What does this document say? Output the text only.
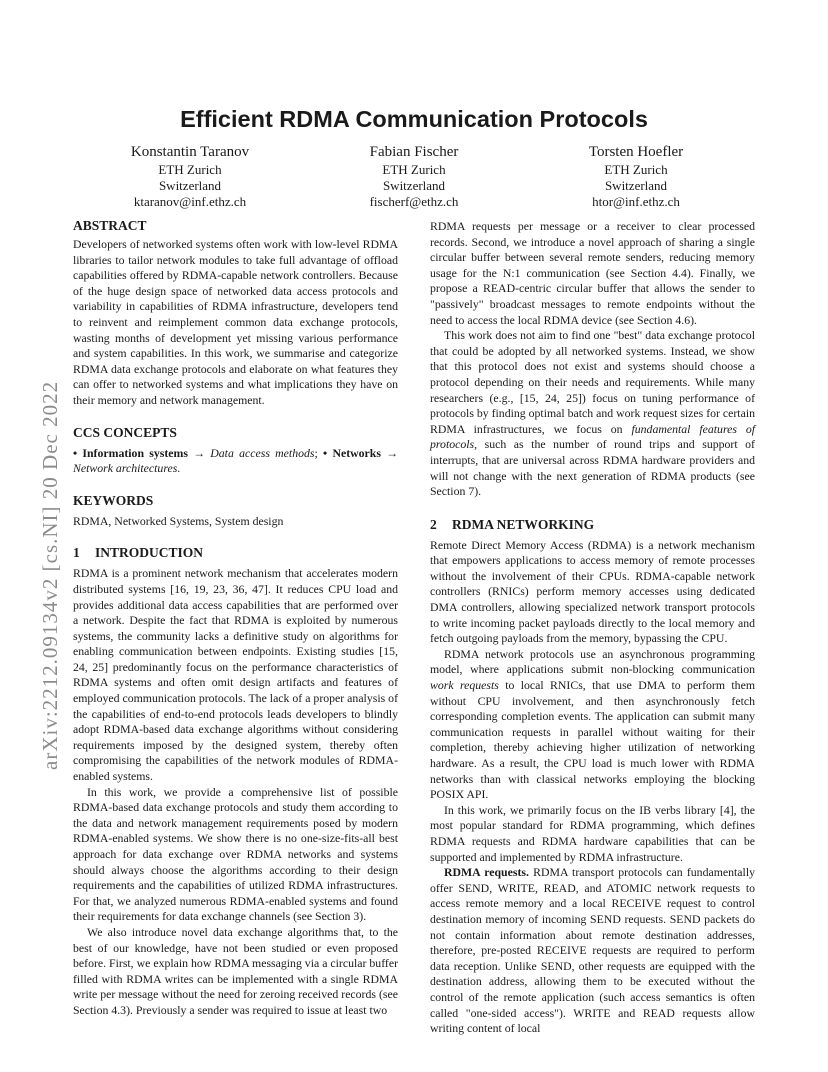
arXiv:2212.09134v2 [cs.NI] 20 Dec 2022
Efficient RDMA Communication Protocols
Konstantin Taranov
ETH Zurich
Switzerland
ktaranov@inf.ethz.ch
Fabian Fischer
ETH Zurich
Switzerland
fischerf@ethz.ch
Torsten Hoefler
ETH Zurich
Switzerland
htor@inf.ethz.ch
ABSTRACT

Developers of networked systems often work with low-level RDMA libraries to tailor network modules to take full advantage of offload capabilities offered by RDMA-capable network controllers. Because of the huge design space of networked data access protocols and variability in capabilities of RDMA infrastructure, developers tend to reinvent and reimplement common data exchange protocols, wasting months of development yet missing various performance and system capabilities. In this work, we summarise and categorize RDMA data exchange protocols and elaborate on what features they can offer to networked systems and what implications they have on their memory and network management.

CCS CONCEPTS

• Information systems → Data access methods; • Networks → Network architectures.

KEYWORDS

RDMA, Networked Systems, System design

1 INTRODUCTION

RDMA is a prominent network mechanism that accelerates modern distributed systems [16, 19, 23, 36, 47]. It reduces CPU load and provides additional data access capabilities that are performed over a network. Despite the fact that RDMA is exploited by numerous systems, the community lacks a definitive study on algorithms for enabling communication between endpoints. Existing studies [15, 24, 25] predominantly focus on the performance characteristics of RDMA systems and often omit design artifacts and features of employed communication protocols. The lack of a proper analysis of the capabilities of end-to-end protocols leads developers to blindly adopt RDMA-based data exchange algorithms without considering requirements imposed by the designed system, thereby often compromising the capabilities of the network modules of RDMA-enabled systems.

In this work, we provide a comprehensive list of possible RDMA-based data exchange protocols and study them according to the data and network management requirements posed by modern RDMA-enabled systems. We show there is no one-size-fits-all best approach for data exchange over RDMA networks and systems should always choose the algorithms according to their design requirements and the capabilities of utilized RDMA infrastructures. For that, we analyzed numerous RDMA-enabled systems and found their requirements for data exchange channels (see Section 3).

We also introduce novel data exchange algorithms that, to the best of our knowledge, have not been studied or even proposed before. First, we explain how RDMA messaging via a circular buffer filled with RDMA writes can be implemented with a single RDMA write per message without the need for zeroing received records (see Section 4.3). Previously a sender was required to issue at least two

RDMA requests per message or a receiver to clear processed records. Second, we introduce a novel approach of sharing a single circular buffer between several remote senders, reducing memory usage for the N:1 communication (see Section 4.4). Finally, we propose a READ-centric circular buffer that allows the sender to "passively" broadcast messages to remote endpoints without the need to access the local RDMA device (see Section 4.6).

This work does not aim to find one "best" data exchange protocol that could be adopted by all networked systems. Instead, we show that this protocol does not exist and systems should choose a protocol depending on their needs and requirements. While many researchers (e.g., [15, 24, 25]) focus on tuning performance of protocols by finding optimal batch and work request sizes for certain RDMA infrastructures, we focus on fundamental features of protocols, such as the number of round trips and support of interrupts, that are universal across RDMA hardware providers and will not change with the next generation of RDMA products (see Section 7).

2 RDMA NETWORKING

Remote Direct Memory Access (RDMA) is a network mechanism that empowers applications to access memory of remote processes without the involvement of their CPUs. RDMA-capable network controllers (RNICs) perform memory accesses using dedicated DMA controllers, allowing specialized network transport protocols to write incoming packet payloads directly to the local memory and fetch outgoing payloads from the memory, bypassing the CPU.

RDMA network protocols use an asynchronous programming model, where applications submit non-blocking communication work requests to local RNICs, that use DMA to perform them without CPU involvement, and then asynchronously fetch corresponding completion events. The application can submit many communication requests in parallel without waiting for their completion, thereby achieving higher utilization of networking hardware. As a result, the CPU load is much lower with RDMA networks than with classical networks employing the blocking POSIX API.

In this work, we primarily focus on the IB verbs library [4], the most popular standard for RDMA programming, which defines RDMA requests and RDMA hardware capabilities that can be supported and implemented by RDMA infrastructure.

RDMA requests. RDMA transport protocols can fundamentally offer SEND, WRITE, READ, and ATOMIC network requests to access remote memory and a local RECEIVE request to control destination memory of incoming SEND requests. SEND packets do not contain information about remote destination addresses, therefore, pre-posted RECEIVE requests are required to perform data reception. Unlike SEND, other requests are equipped with the destination address, allowing them to be executed without the control of the remote application (such access semantics is often called "one-sided access"). WRITE and READ requests allow writing content of local
